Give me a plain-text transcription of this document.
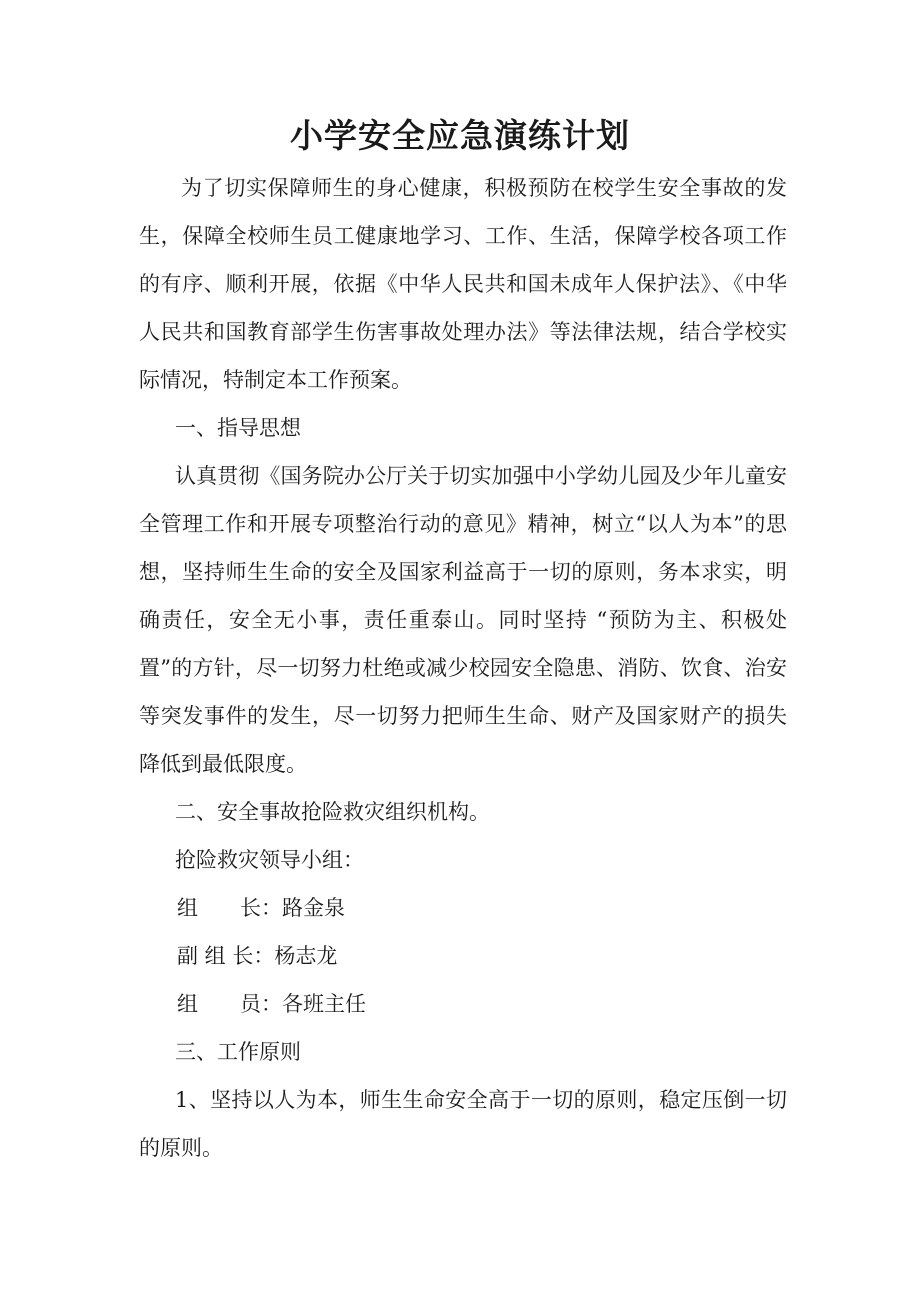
小学安全应急演练计划

为了切实保障师生的身心健康，积极预防在校学生安全事故的发生，保障全校师生员工健康地学习、工作、生活，保障学校各项工作的有序、顺利开展，依据《中华人民共和国未成年人保护法》、《中华人民共和国教育部学生伤害事故处理办法》等法律法规，结合学校实际情况，特制定本工作预案。

一、指导思想

认真贯彻《国务院办公厅关于切实加强中小学幼儿园及少年儿童安全管理工作和开展专项整治行动的意见》精神，树立“以人为本”的思想，坚持师生生命的安全及国家利益高于一切的原则，务本求实，明确责任，安全无小事，责任重泰山。同时坚持 “预防为主、积极处置”的方针，尽一切努力杜绝或减少校园安全隐患、消防、饮食、治安等突发事件的发生，尽一切努力把师生生命、财产及国家财产的损失降低到最低限度。

二、安全事故抢险救灾组织机构。

抢险救灾领导小组：

组　　长：路金泉

副 组 长：杨志龙

组　　员：各班主任

三、工作原则

1、坚持以人为本，师生生命安全高于一切的原则，稳定压倒一切的原则。
